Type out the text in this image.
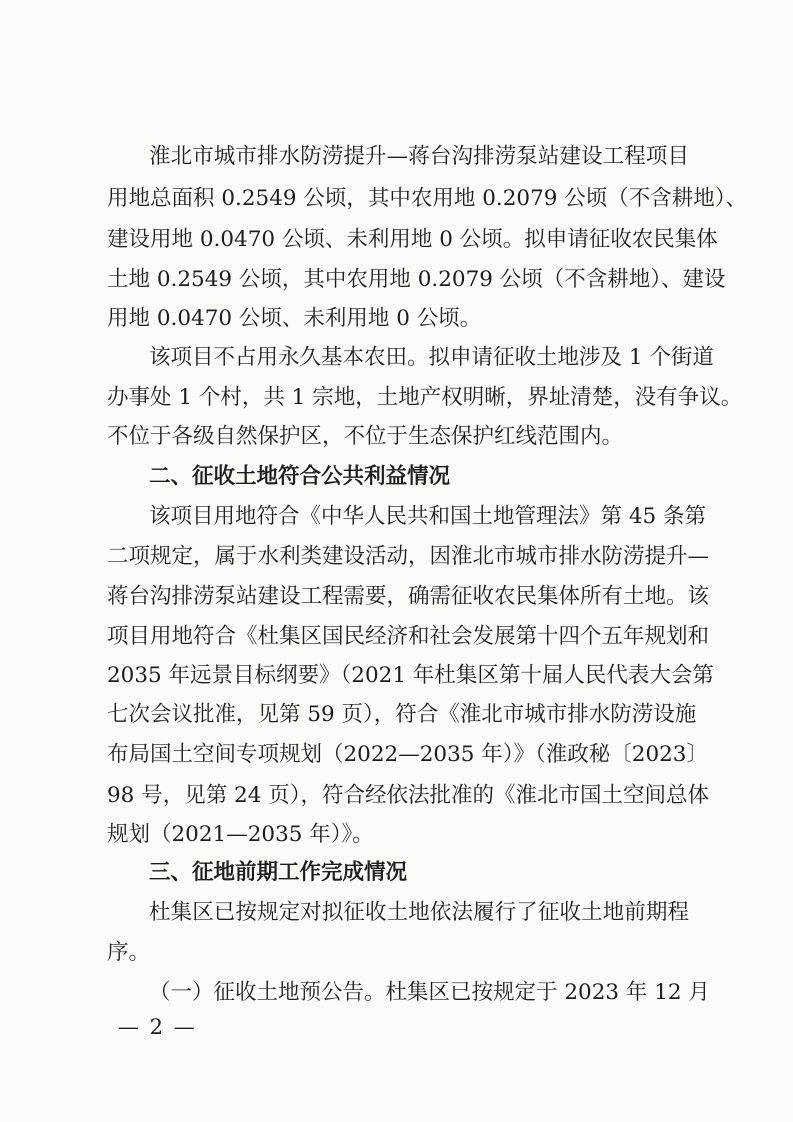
淮北市城市排水防涝提升—蒋台沟排涝泵站建设工程项目
用地总面积 0.2549 公顷，其中农用地 0.2079 公顷（不含耕地）、
建设用地 0.0470 公顷、未利用地 0 公顷。拟申请征收农民集体
土地 0.2549 公顷，其中农用地 0.2079 公顷（不含耕地）、建设
用地 0.0470 公顷、未利用地 0 公顷。
该项目不占用永久基本农田。拟申请征收土地涉及 1 个街道
办事处 1 个村，共 1 宗地，土地产权明晰，界址清楚，没有争议。
不位于各级自然保护区，不位于生态保护红线范围内。
二、征收土地符合公共利益情况
该项目用地符合《中华人民共和国土地管理法》第 45 条第
二项规定，属于水利类建设活动，因淮北市城市排水防涝提升—
蒋台沟排涝泵站建设工程需要，确需征收农民集体所有土地。该
项目用地符合《杜集区国民经济和社会发展第十四个五年规划和
2035 年远景目标纲要》（2021 年杜集区第十届人民代表大会第
七次会议批准，见第 59 页），符合《淮北市城市排水防涝设施
布局国土空间专项规划（2022—2035 年）》（淮政秘〔2023〕
98 号，见第 24 页），符合经依法批准的《淮北市国土空间总体
规划（2021—2035 年）》。
三、征地前期工作完成情况
杜集区已按规定对拟征收土地依法履行了征收土地前期程
序。
（一）征收土地预公告。杜集区已按规定于 2023 年 12 月
— 2 —
